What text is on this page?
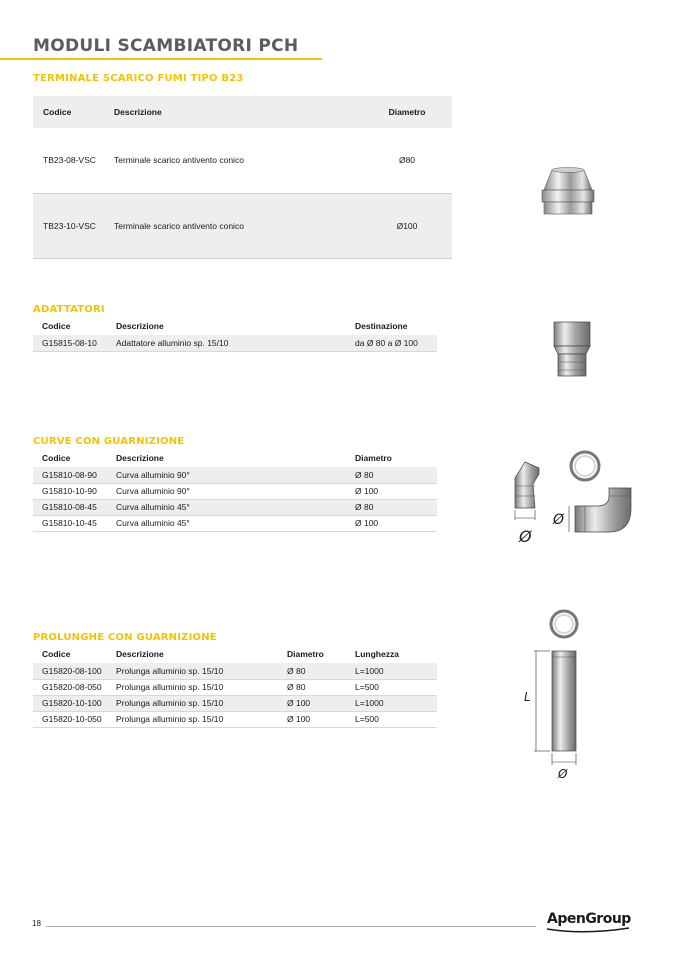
MODULI SCAMBIATORI PCH
TERMINALE SCARICO FUMI TIPO B23
Codice	Descrizione	Diametro
TB23-08-VSC	Terminale scarico antivento conico	Ø80
TB23-10-VSC	Terminale scarico antivento conico	Ø100
ADATTATORI
Codice	Descrizione	Destinazione
G15815-08-10	Adattatore alluminio sp. 15/10	da Ø 80 a Ø 100
CURVE CON GUARNIZIONE
Codice	Descrizione	Diametro
G15810-08-90	Curva alluminio 90°	Ø 80
G15810-10-90	Curva alluminio 90°	Ø 100
G15810-08-45	Curva alluminio 45°	Ø 80
G15810-10-45	Curva alluminio 45°	Ø 100
Ø
Ø
PROLUNGHE CON GUARNIZIONE
Codice	Descrizione	Diametro	Lunghezza
G15820-08-100	Prolunga alluminio sp. 15/10	Ø 80	L=1000
G15820-08-050	Prolunga alluminio sp. 15/10	Ø 80	L=500
G15820-10-100	Prolunga alluminio sp. 15/10	Ø 100	L=1000
G15820-10-050	Prolunga alluminio sp. 15/10	Ø 100	L=500
L
Ø
18	ApenGroup
